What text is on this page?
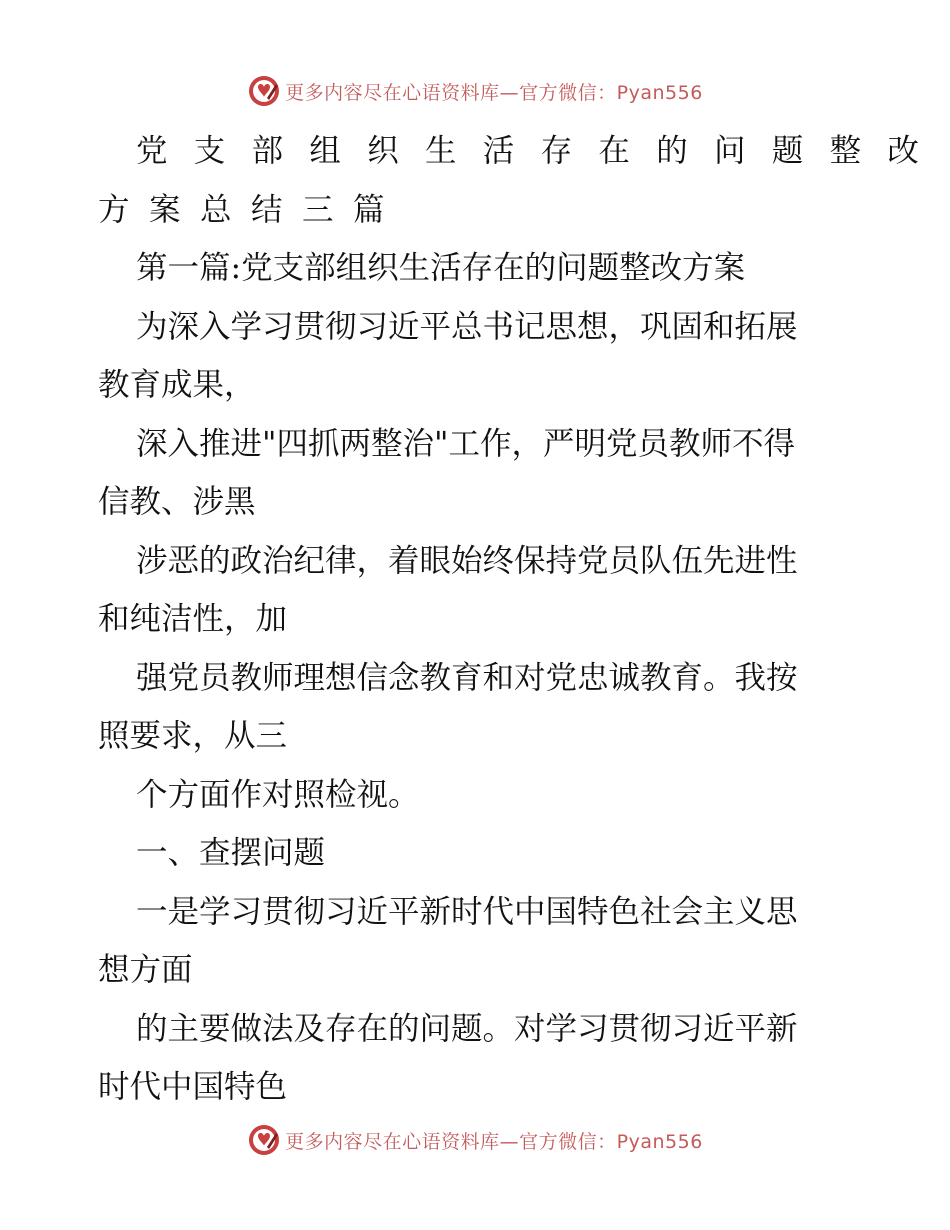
更多内容尽在心语资料库—官方微信：Pyan556
党支部组织生活存在的问题整改
方案总结三篇
第一篇:党支部组织生活存在的问题整改方案
为深入学习贯彻习近平总书记思想，巩固和拓展
教育成果，
深入推进"四抓两整治"工作，严明党员教师不得
信教、涉黑
涉恶的政治纪律，着眼始终保持党员队伍先进性
和纯洁性，加
强党员教师理想信念教育和对党忠诚教育。我按
照要求，从三
个方面作对照检视。
一、查摆问题
一是学习贯彻习近平新时代中国特色社会主义思
想方面
的主要做法及存在的问题。对学习贯彻习近平新
时代中国特色
更多内容尽在心语资料库—官方微信：Pyan556
